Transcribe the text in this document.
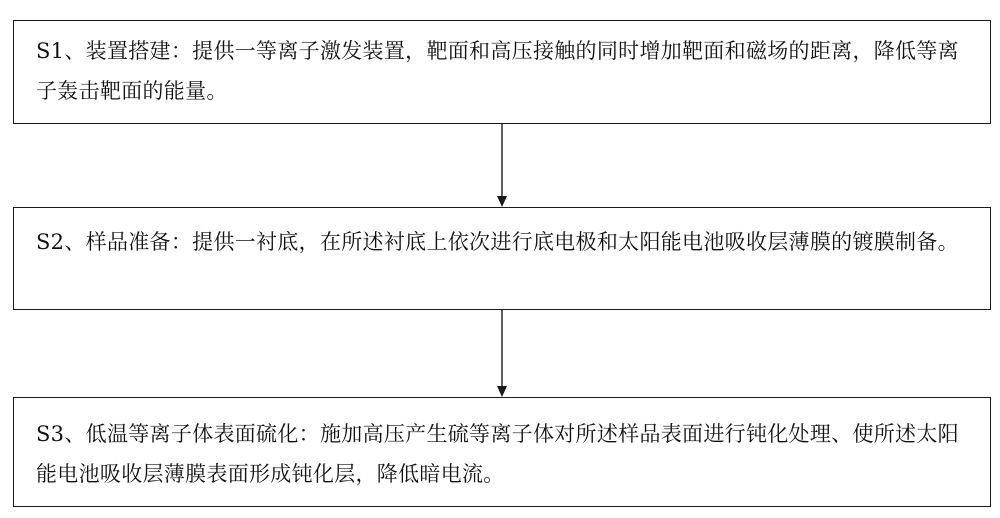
S1、装置搭建：提供一等离子激发装置，靶面和高压接触的同时增加靶面和磁场的距离，降低等离子轰击靶面的能量。
S2、样品准备：提供一衬底，在所述衬底上依次进行底电极和太阳能电池吸收层薄膜的镀膜制备。
S3、低温等离子体表面硫化：施加高压产生硫等离子体对所述样品表面进行钝化处理、使所述太阳能电池吸收层薄膜表面形成钝化层，降低暗电流。
